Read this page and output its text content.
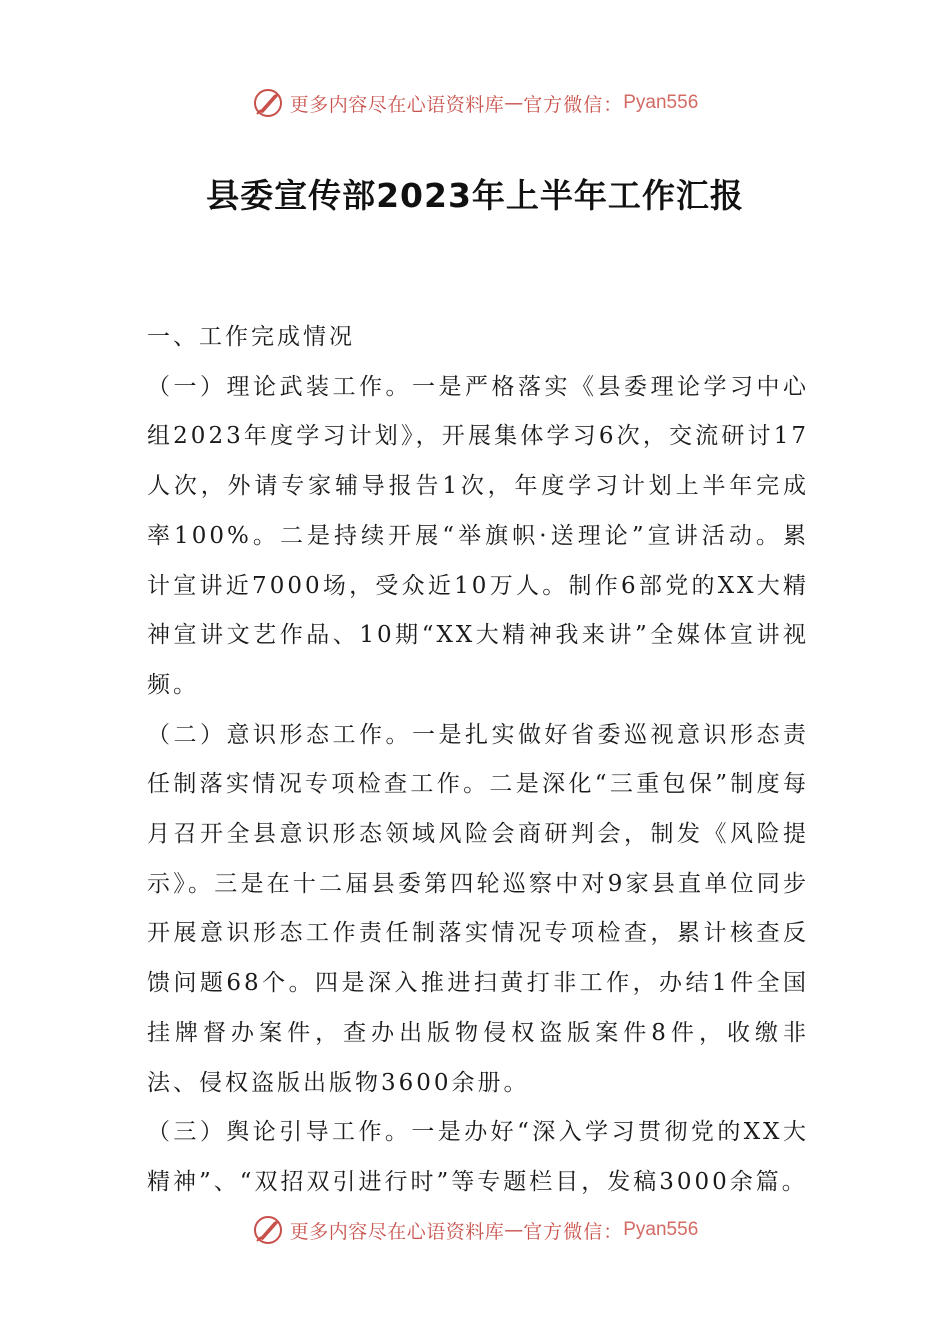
更多内容尽在心语资料库 — 官方微信： Pyan556
县委宣传部2023年上半年工作汇报

一、工作完成情况

（一）理论武装工作。一是严格落实《县委理论学习中心组2023年度学习计划》，开展集体学习6次，交流研讨17人次，外请专家辅导报告1次，年度学习计划上半年完成率100%。二是持续开展“举旗帜·送理论”宣讲活动。累计宣讲近7000场，受众近10万人。制作6部党的XX大精神宣讲文艺作品、10期“XX大精神我来讲”全媒体宣讲视频。

（二）意识形态工作。一是扎实做好省委巡视意识形态责任制落实情况专项检查工作。二是深化“三重包保”制度每月召开全县意识形态领域风险会商研判会，制发《风险提示》。三是在十二届县委第四轮巡察中对9家县直单位同步开展意识形态工作责任制落实情况专项检查，累计核查反馈问题68个。四是深入推进扫黄打非工作，办结1件全国挂牌督办案件，查办出版物侵权盗版案件8件，收缴非法、侵权盗版出版物3600余册。

（三）舆论引导工作。一是办好“深入学习贯彻党的XX大精神”、“双招双引进行时”等专题栏目，发稿3000余篇。

更多内容尽在心语资料库 — 官方微信： Pyan556
